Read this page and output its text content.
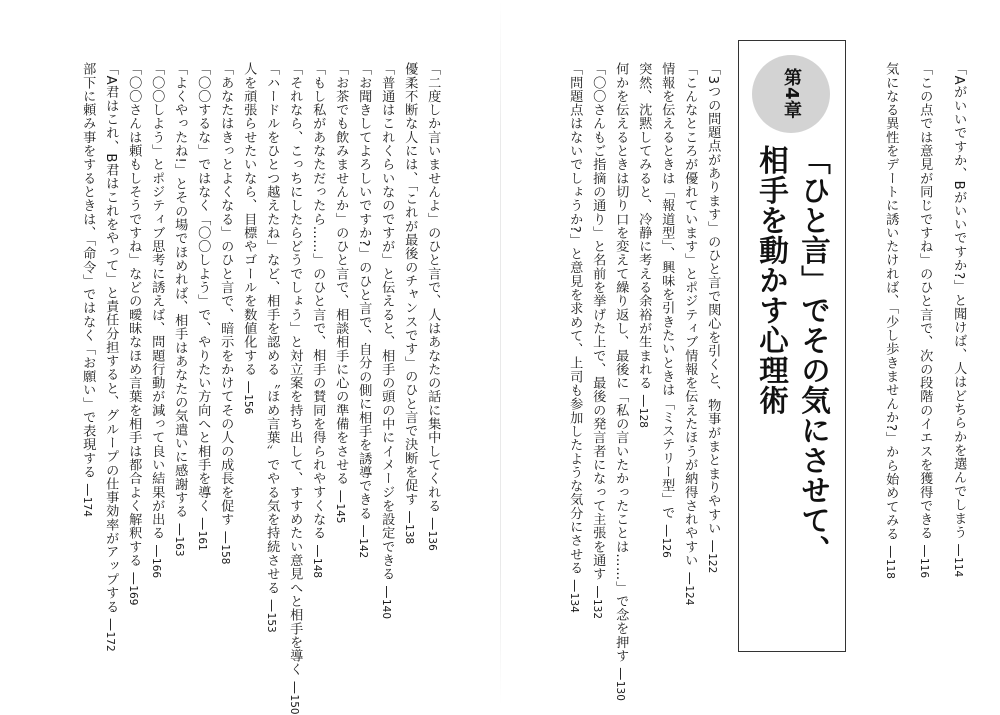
「Aがいいですか、Bがいいですか?」と聞けば、人はどちらかを選んでしまう —114
「この点では意見が同じですね」のひと言で、次の段階のイエスを獲得できる —116
気になる異性をデートに誘いたければ、「少し歩きませんか?」から始めてみる —118
第4章
「ひと言」でその気にさせて、
相手を動かす心理術
「3つの問題点があります」のひと言で関心を引くと、物事がまとまりやすい —122
「こんなところが優れています」とポジティブ情報を伝えたほうが納得されやすい —124
情報を伝えるときは「報道型」、興味を引きたいときは「ミステリー型」で —126
突然、沈黙してみると、冷静に考える余裕が生まれる —128
何かを伝えるときは切り口を変えて繰り返し、最後に「私の言いたかったことは……」で念を押す —130
「〇〇さんもご指摘の通り」と名前を挙げた上で、最後の発言者になって主張を通す —132
「問題点はないでしょうか?」と意見を求めて、上司も参加したような気分にさせる —134
「二度しか言いませんよ」のひと言で、人はあなたの話に集中してくれる —136
優柔不断な人には、「これが最後のチャンスです」のひと言で決断を促す —138
「普通はこれくらいなのですが」と伝えると、相手の頭の中にイメージを設定できる —140
「お聞きしてよろしいですか?」のひと言で、自分の側に相手を誘導できる —142
「お茶でも飲みませんか」のひと言で、相談相手に心の準備をさせる —145
「もし私があなただったら……」のひと言で、相手の賛同を得られやすくなる —148
「それなら、こっちにしたらどうでしょう」と対立案を持ち出して、すすめたい意見へと相手を導く —150
「ハードルをひとつ越えたね」など、相手を認める〝ほめ言葉〟でやる気を持続させる —153
人を頑張らせたいなら、目標やゴールを数値化する —156
「あなたはきっとよくなる」のひと言で、暗示をかけてその人の成長を促す —158
「〇〇するな」ではなく「〇〇しよう」で、やりたい方向へと相手を導く —161
「よくやったね!」とその場でほめれば、相手はあなたの気遣いに感謝する —163
「〇〇しよう」とポジティブ思考に誘えば、問題行動が減って良い結果が出る —166
「〇〇さんは頼もしそうですね」などの曖昧なほめ言葉を相手は都合よく解釈する —169
「A君はこれ、B君はこれをやって」と責任分担すると、グループの仕事効率がアップする —172
部下に頼み事をするときは、「命令」ではなく「お願い」で表現する —174
